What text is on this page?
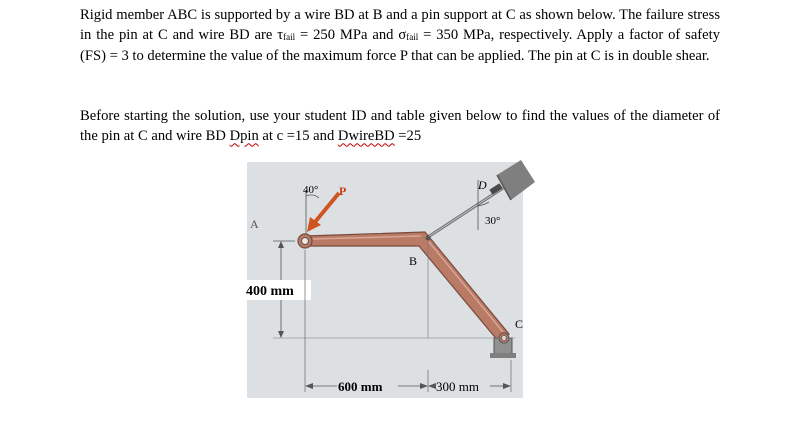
Rigid member ABC is supported by a wire BD at B and a pin support at C as shown below. The failure stress in the pin at C and wire BD are $\tau_{fail} = 250$ MPa and $\sigma_{fail} = 350$ MPa, respectively. Apply a factor of safety (FS) = 3 to determine the value of the maximum force P that can be applied. The pin at C is in double shear.

Before starting the solution, use your student ID and table given below to find the values of the diameter of the pin at C and wire BD Dpin at c =15 and DwireBD =25

D
A
B
C
P
40°
30°
400 mm
600 mm	300 mm
